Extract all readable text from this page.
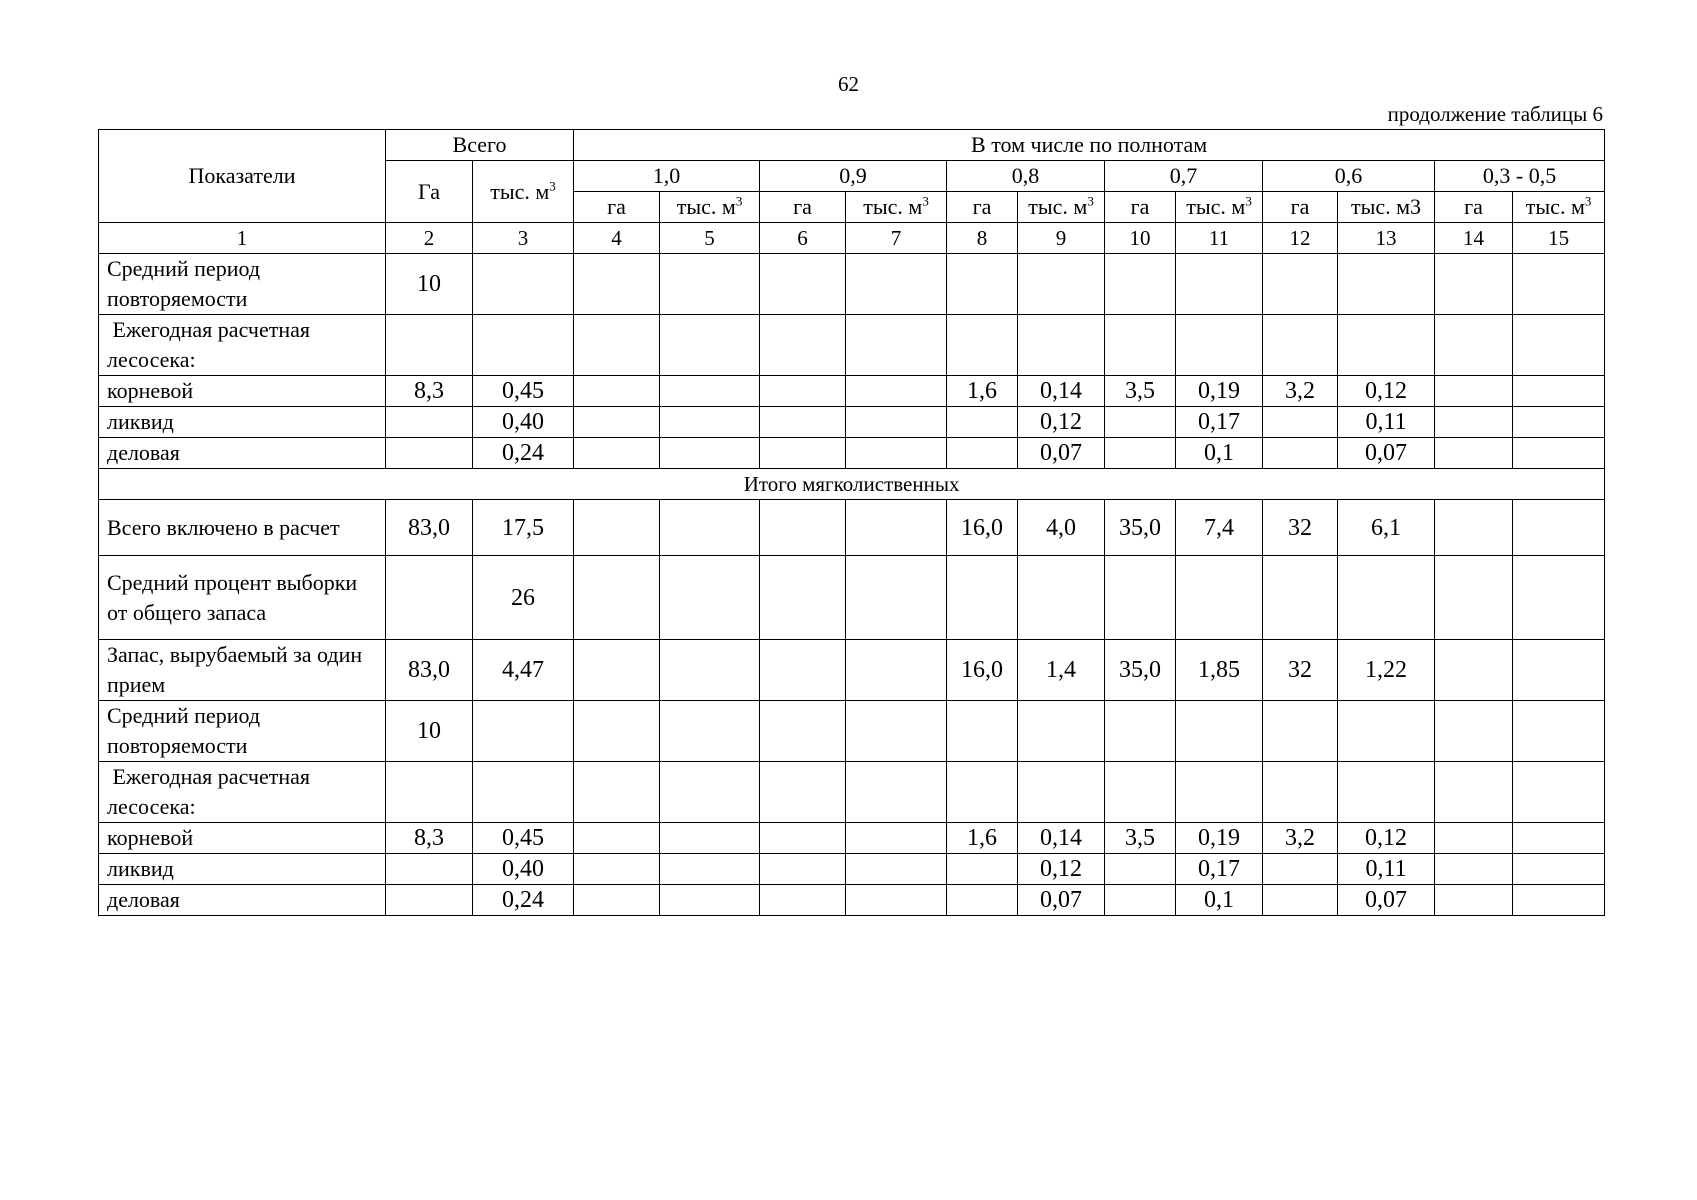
62
продолжение таблицы 6
Показатели	Всего		В том числе по полнотам											
	Га	тыс. $м^3$	1,0		0,9		0,8		0,7		0,6		0,3 - 0,5	
			га	тыс. $м^3$	га	тыс. $м^3$	га	тыс. $м^3$	га	тыс. $м^3$	га	тыс. м3	га	тыс. $м^3$
1	2	3	4	5	6	7	8	9	10	11	12	13	14	15
Средний период повторяемости	10													
Ежегодная расчетная лесосека:														
корневой	8,3	0,45					1,6	0,14	3,5	0,19	3,2	0,12		
ликвид		0,40						0,12		0,17		0,11		
деловая		0,24						0,07		0,1		0,07		
Итого мягколиственных														
Всего включено в расчет	83,0	17,5					16,0	4,0	35,0	7,4	32	6,1		
Средний процент выборки от общего запаса		26												
Запас, вырубаемый за один прием	83,0	4,47					16,0	1,4	35,0	1,85	32	1,22		
Средний период повторяемости	10													
Ежегодная расчетная лесосека:														
корневой	8,3	0,45					1,6	0,14	3,5	0,19	3,2	0,12		
ликвид		0,40						0,12		0,17		0,11		
деловая		0,24						0,07		0,1		0,07		
